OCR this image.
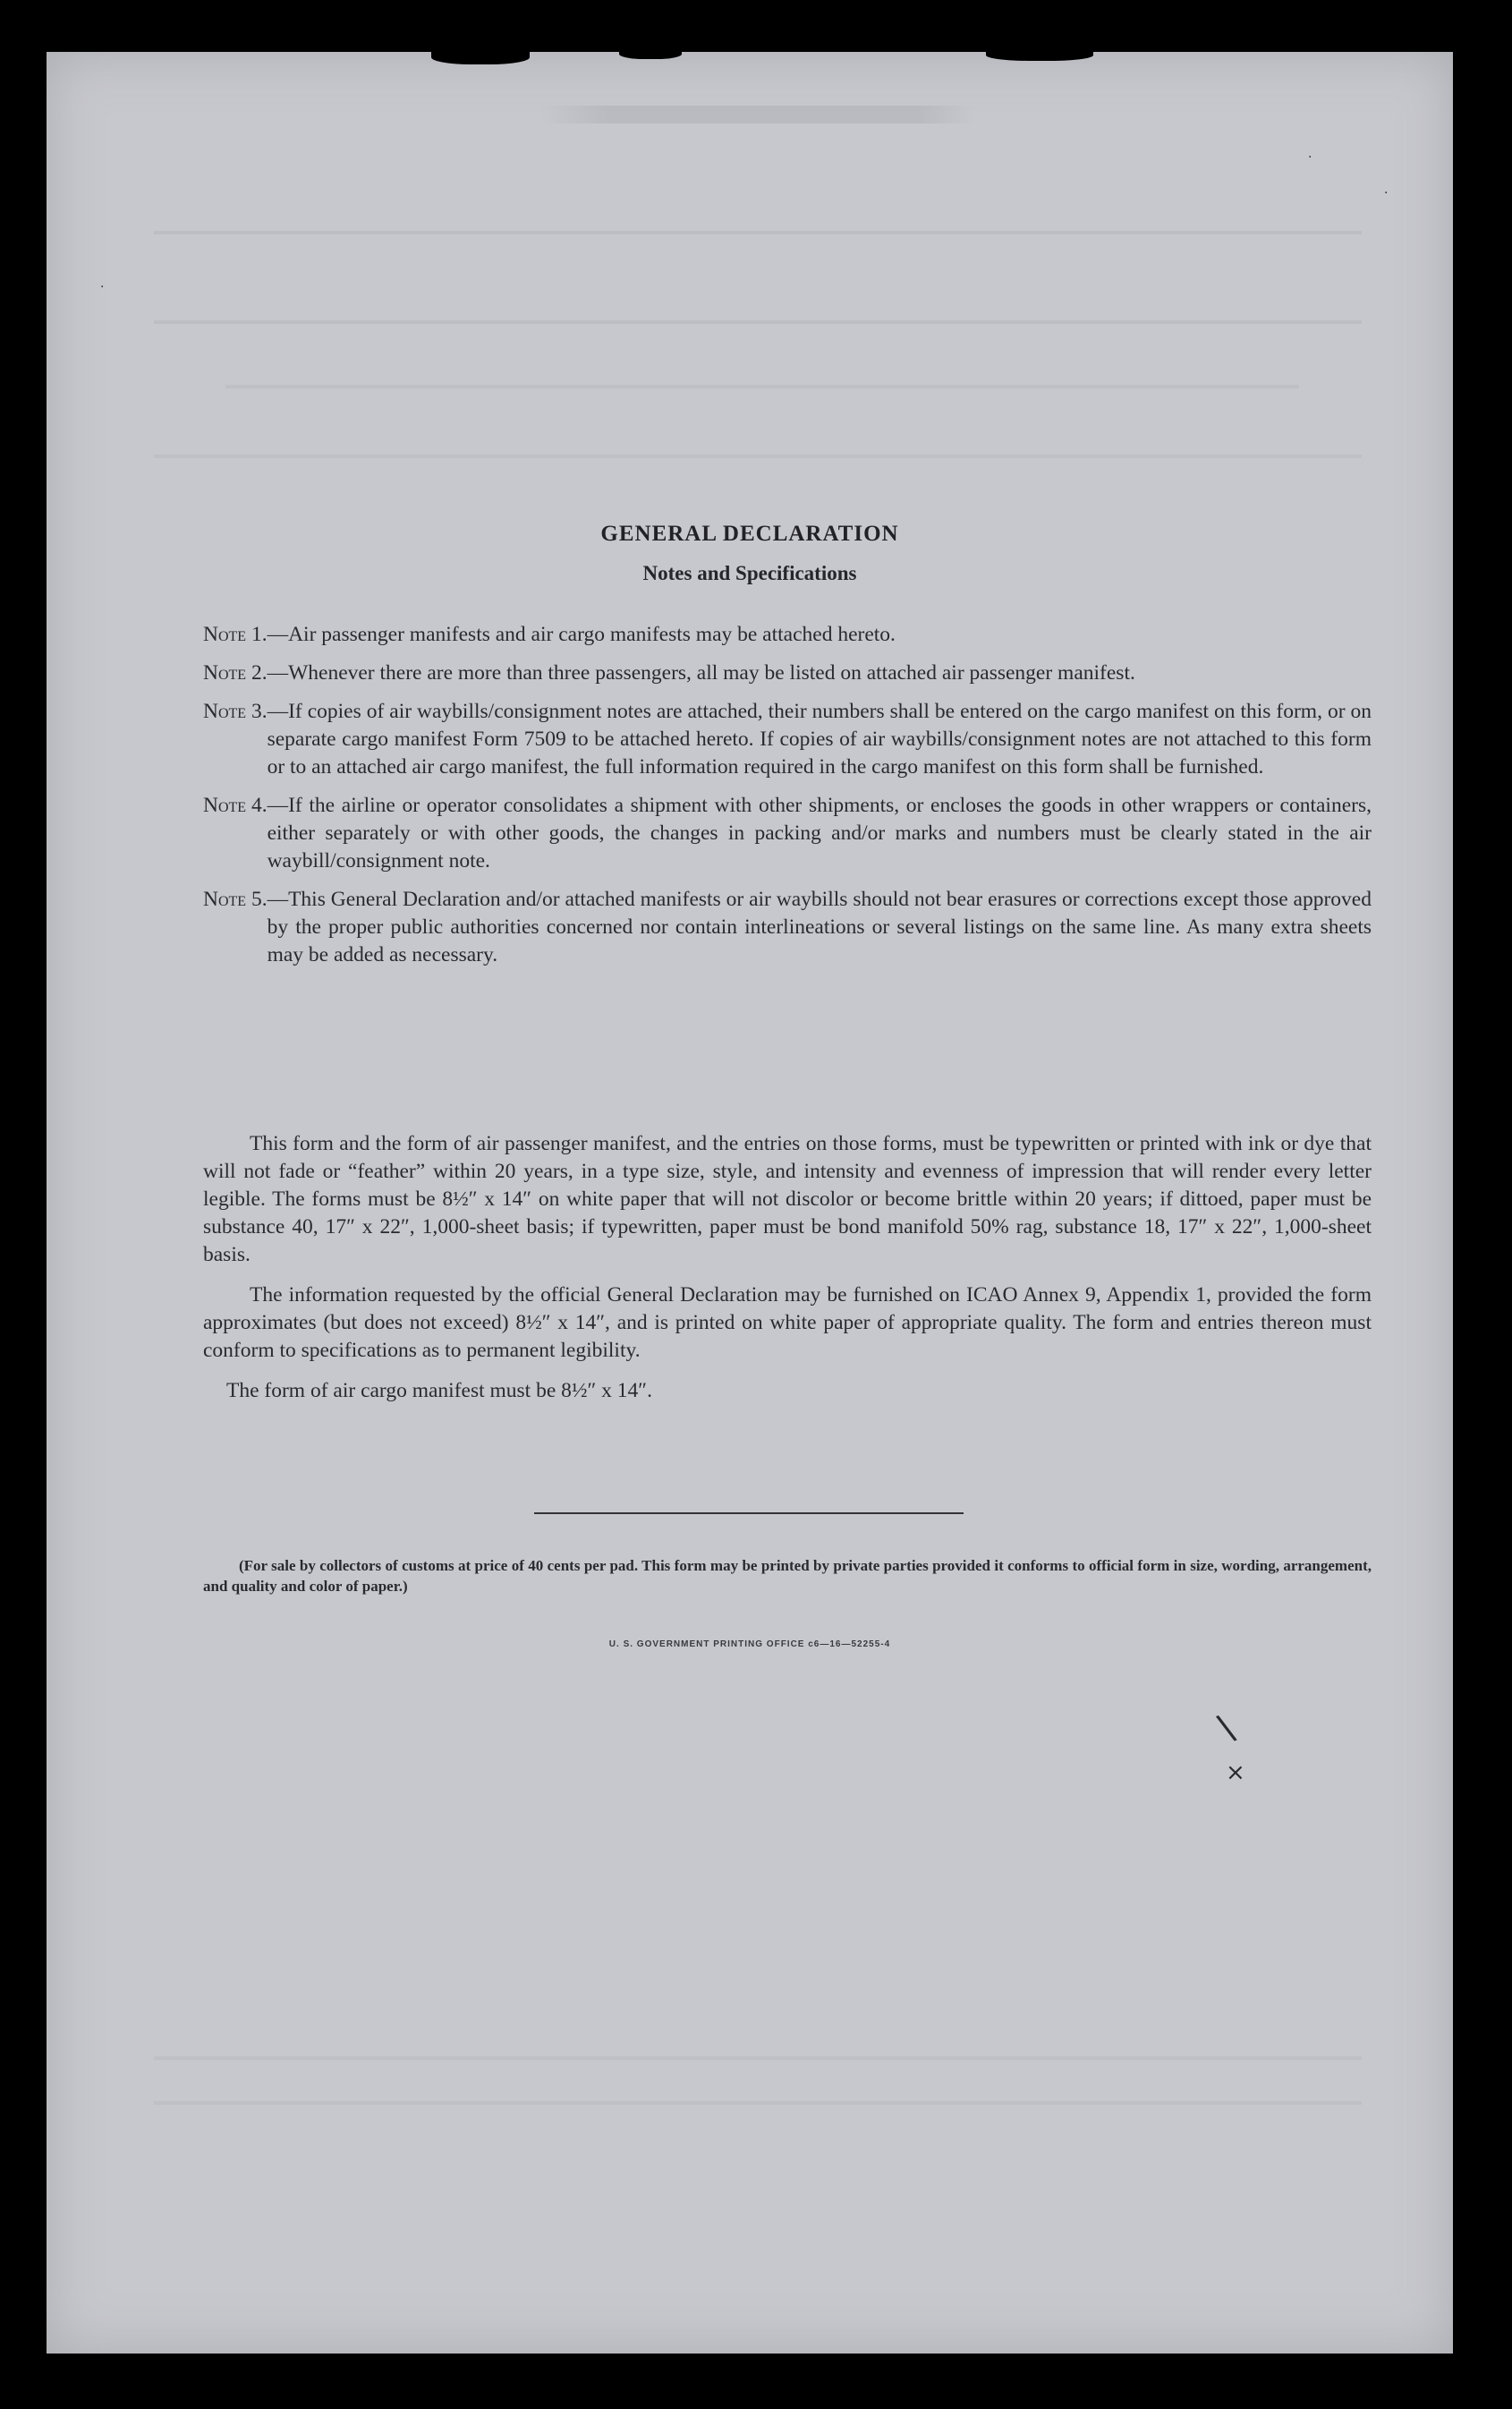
·
·
·
\
×
GENERAL DECLARATION
Notes and Specifications
Note 1. —Air passenger manifests and air cargo manifests may be attached hereto.
Note 2. —Whenever there are more than three passengers, all may be listed on attached air passenger manifest.
Note 3. —If copies of air waybills/consignment notes are attached, their numbers shall be entered on the cargo manifest on this form, or on separate cargo manifest Form 7509 to be attached hereto. If copies of air waybills/consignment notes are not attached to this form or to an attached air cargo manifest, the full information required in the cargo manifest on this form shall be furnished.
Note 4. —If the airline or operator consolidates a shipment with other shipments, or encloses the goods in other wrappers or containers, either separately or with other goods, the changes in packing and/or marks and numbers must be clearly stated in the air waybill/consignment note.
Note 5. —This General Declaration and/or attached manifests or air waybills should not bear erasures or corrections except those approved by the proper public authorities concerned nor contain interlineations or several listings on the same line. As many extra sheets may be added as necessary.

This form and the form of air passenger manifest, and the entries on those forms, must be typewritten or printed with ink or dye that will not fade or “feather” within 20 years, in a type size, style, and intensity and evenness of impression that will render every letter legible. The forms must be 8½″ x 14″ on white paper that will not discolor or become brittle within 20 years; if dittoed, paper must be substance 40, 17″ x 22″, 1,000-sheet basis; if typewritten, paper must be bond manifold 50% rag, substance 18, 17″ x 22″, 1,000-sheet basis.

The information requested by the official General Declaration may be furnished on ICAO Annex 9, Appendix 1, provided the form approximates (but does not exceed) 8½″ x 14″, and is printed on white paper of appropriate quality. The form and entries thereon must conform to specifications as to permanent legibility.

The form of air cargo manifest must be 8½″ x 14″.

(For sale by collectors of customs at price of 40 cents per pad. This form may be printed by private parties provided it conforms to official form in size, wording, arrangement, and quality and color of paper.)
U. S. GOVERNMENT PRINTING OFFICE c6—16—52255-4
